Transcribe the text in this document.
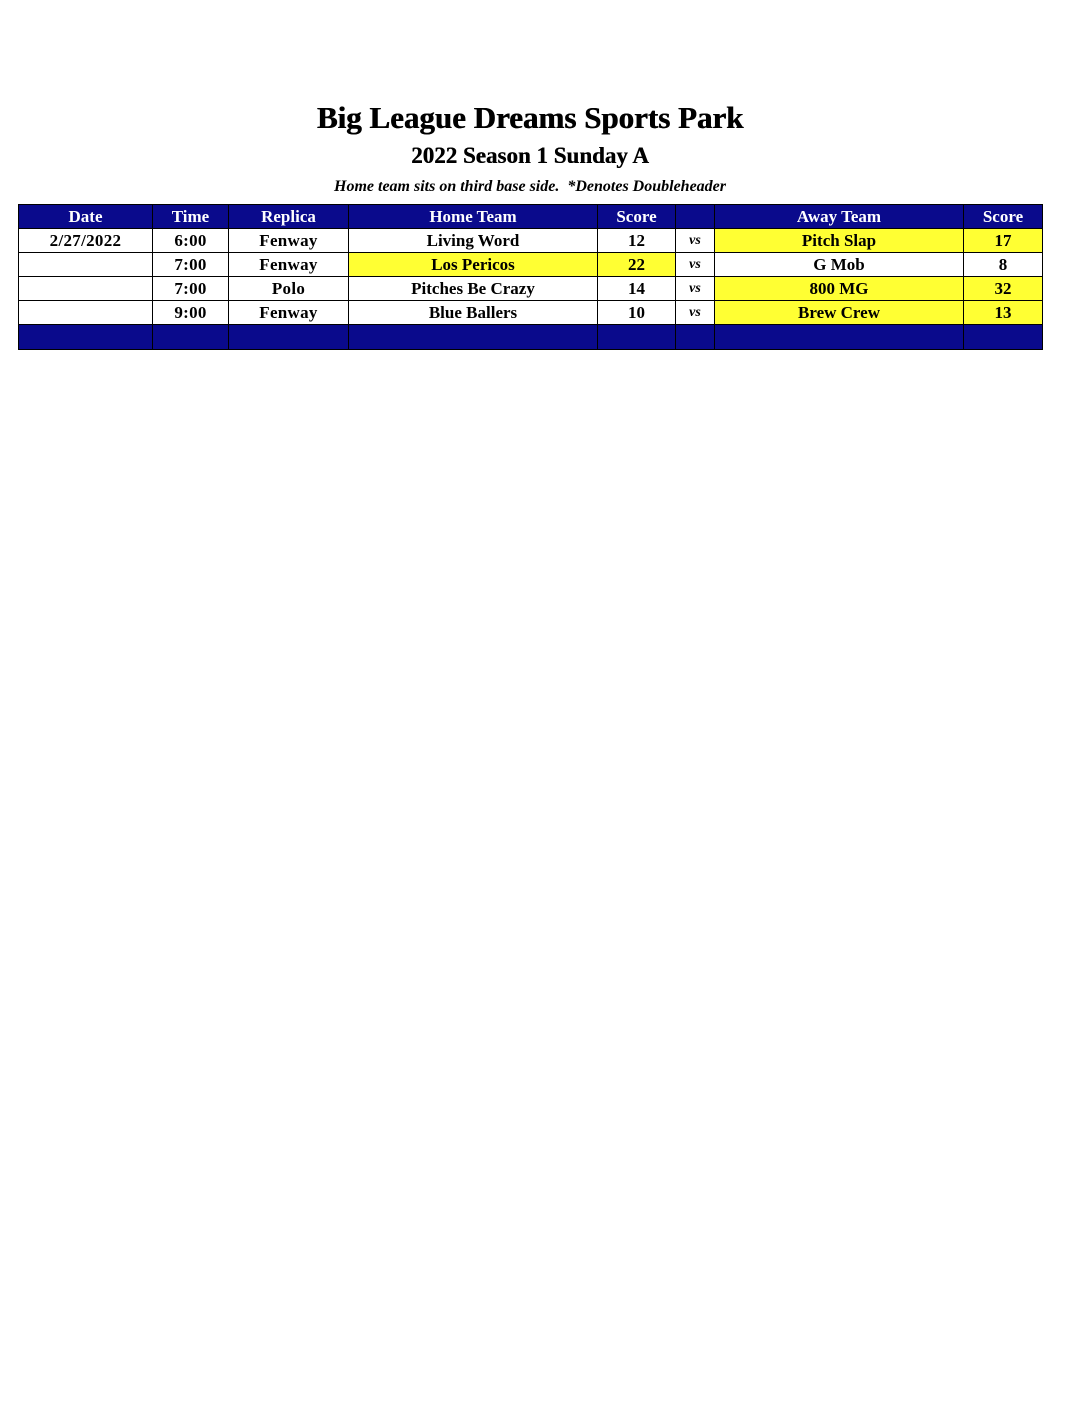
Big League Dreams Sports Park
2022 Season 1 Sunday A
Home team sits on third base side.  *Denotes Doubleheader
Date	Time	Replica	Home Team	Score		Away Team	Score
2/27/2022	6:00	Fenway	Living Word	12	vs	Pitch Slap	17
	7:00	Fenway	Los Pericos	22	vs	G Mob	8
	7:00	Polo	Pitches Be Crazy	14	vs	800 MG	32
	9:00	Fenway	Blue Ballers	10	vs	Brew Crew	13
